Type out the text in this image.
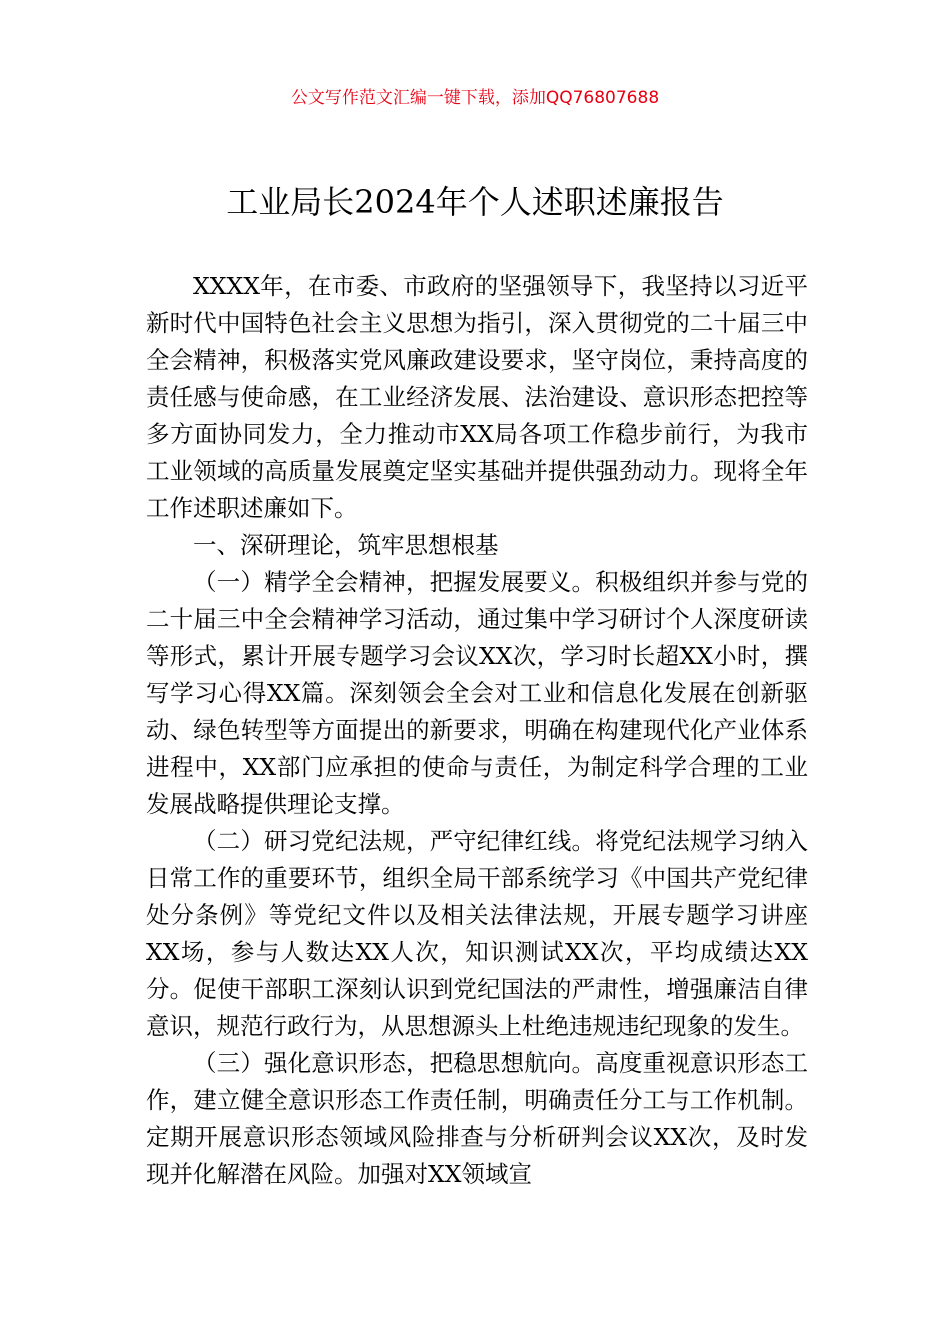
公文写作范文汇编一键下载，添加QQ76807688
工业局长2024年个人述职述廉报告

XXXX年，在市委、市政府的坚强领导下，我坚持以习近平新时代中国特色社会主义思想为指引，深入贯彻党的二十届三中全会精神，积极落实党风廉政建设要求，坚守岗位，秉持高度的责任感与使命感，在工业经济发展、法治建设、意识形态把控等多方面协同发力，全力推动市XX局各项工作稳步前行，为我市工业领域的高质量发展奠定坚实基础并提供强劲动力。现将全年工作述职述廉如下。

一、深研理论，筑牢思想根基

（一）精学全会精神，把握发展要义。积极组织并参与党的二十届三中全会精神学习活动，通过集中学习研讨个人深度研读等形式，累计开展专题学习会议XX次，学习时长超XX小时，撰写学习心得XX篇。深刻领会全会对工业和信息化发展在创新驱动、绿色转型等方面提出的新要求，明确在构建现代化产业体系进程中，XX部门应承担的使命与责任，为制定科学合理的工业发展战略提供理论支撑。

（二）研习党纪法规，严守纪律红线。将党纪法规学习纳入日常工作的重要环节，组织全局干部系统学习《中国共产党纪律处分条例》等党纪文件以及相关法律法规，开展专题学习讲座XX场，参与人数达XX人次，知识测试XX次，平均成绩达XX分。促使干部职工深刻认识到党纪国法的严肃性，增强廉洁自律意识，规范行政行为，从思想源头上杜绝违规违纪现象的发生。

（三）强化意识形态，把稳思想航向。高度重视意识形态工作，建立健全意识形态工作责任制，明确责任分工与工作机制。定期开展意识形态领域风险排查与分析研判会议XX次，及时发现并化解潜在风险。加强对XX领域宣
